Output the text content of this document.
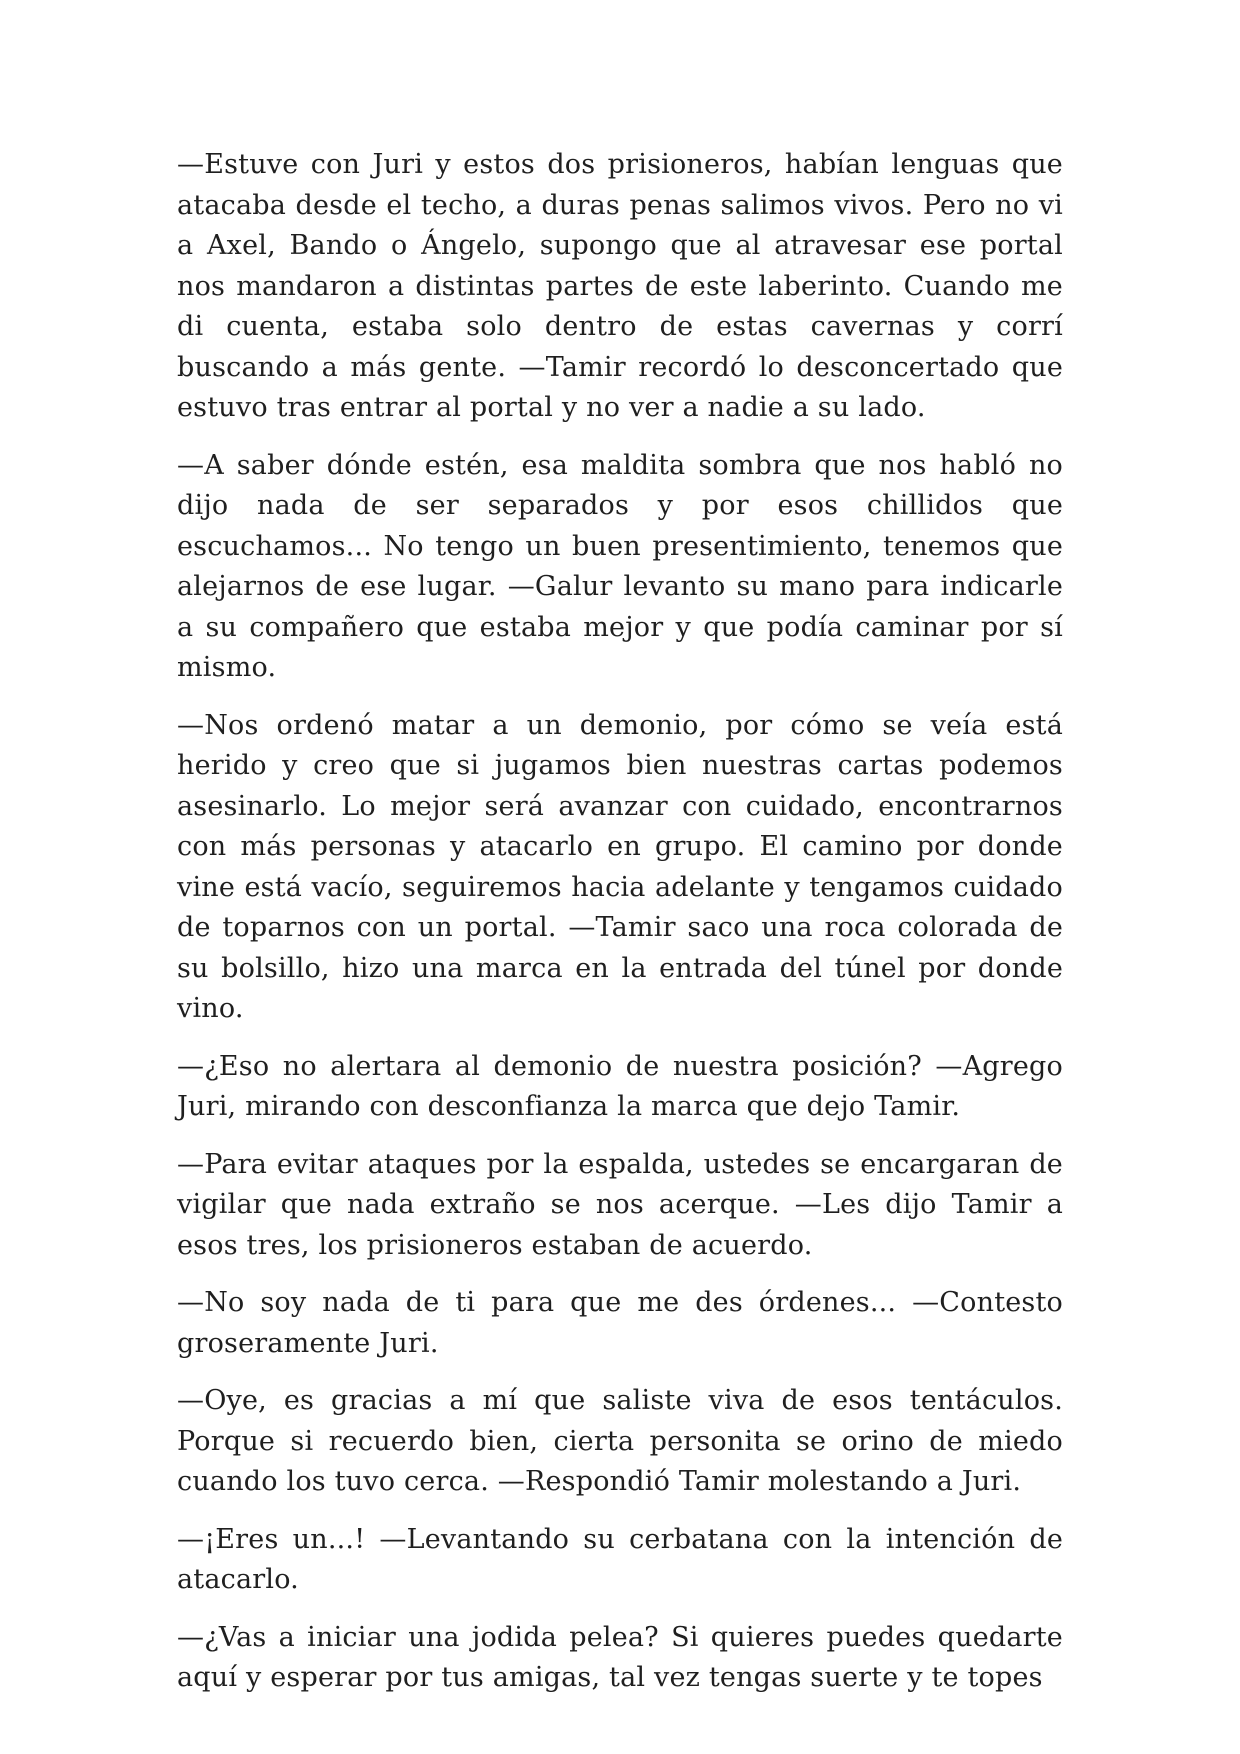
—Estuve con Juri y estos dos prisioneros, habían lenguas que atacaba desde el techo, a duras penas salimos vivos. Pero no vi a Axel, Bando o Ángelo, supongo que al atravesar ese portal nos mandaron a distintas partes de este laberinto. Cuando me di cuenta, estaba solo dentro de estas cavernas y corrí buscando a más gente. —Tamir recordó lo desconcertado que estuvo tras entrar al portal y no ver a nadie a su lado.

—A saber dónde estén, esa maldita sombra que nos habló no dijo nada de ser separados y por esos chillidos que escuchamos... No tengo un buen presentimiento, tenemos que alejarnos de ese lugar. —Galur levanto su mano para indicarle a su compañero que estaba mejor y que podía caminar por sí mismo.

—Nos ordenó matar a un demonio, por cómo se veía está herido y creo que si jugamos bien nuestras cartas podemos asesinarlo. Lo mejor será avanzar con cuidado, encontrarnos con más personas y atacarlo en grupo. El camino por donde vine está vacío, seguiremos hacia adelante y tengamos cuidado de toparnos con un portal. —Tamir saco una roca colorada de su bolsillo, hizo una marca en la entrada del túnel por donde vino.

—¿Eso no alertara al demonio de nuestra posición? —Agrego Juri, mirando con desconfianza la marca que dejo Tamir.

—Para evitar ataques por la espalda, ustedes se encargaran de vigilar que nada extraño se nos acerque. —Les dijo Tamir a esos tres, los prisioneros estaban de acuerdo.

—No soy nada de ti para que me des órdenes... —Contesto groseramente Juri.

—Oye, es gracias a mí que saliste viva de esos tentáculos. Porque si recuerdo bien, cierta personita se orino de miedo cuando los tuvo cerca. —Respondió Tamir molestando a Juri.

—¡Eres un...! —Levantando su cerbatana con la intención de atacarlo.

—¿Vas a iniciar una jodida pelea? Si quieres puedes quedarte aquí y esperar por tus amigas, tal vez tengas suerte y te topes
